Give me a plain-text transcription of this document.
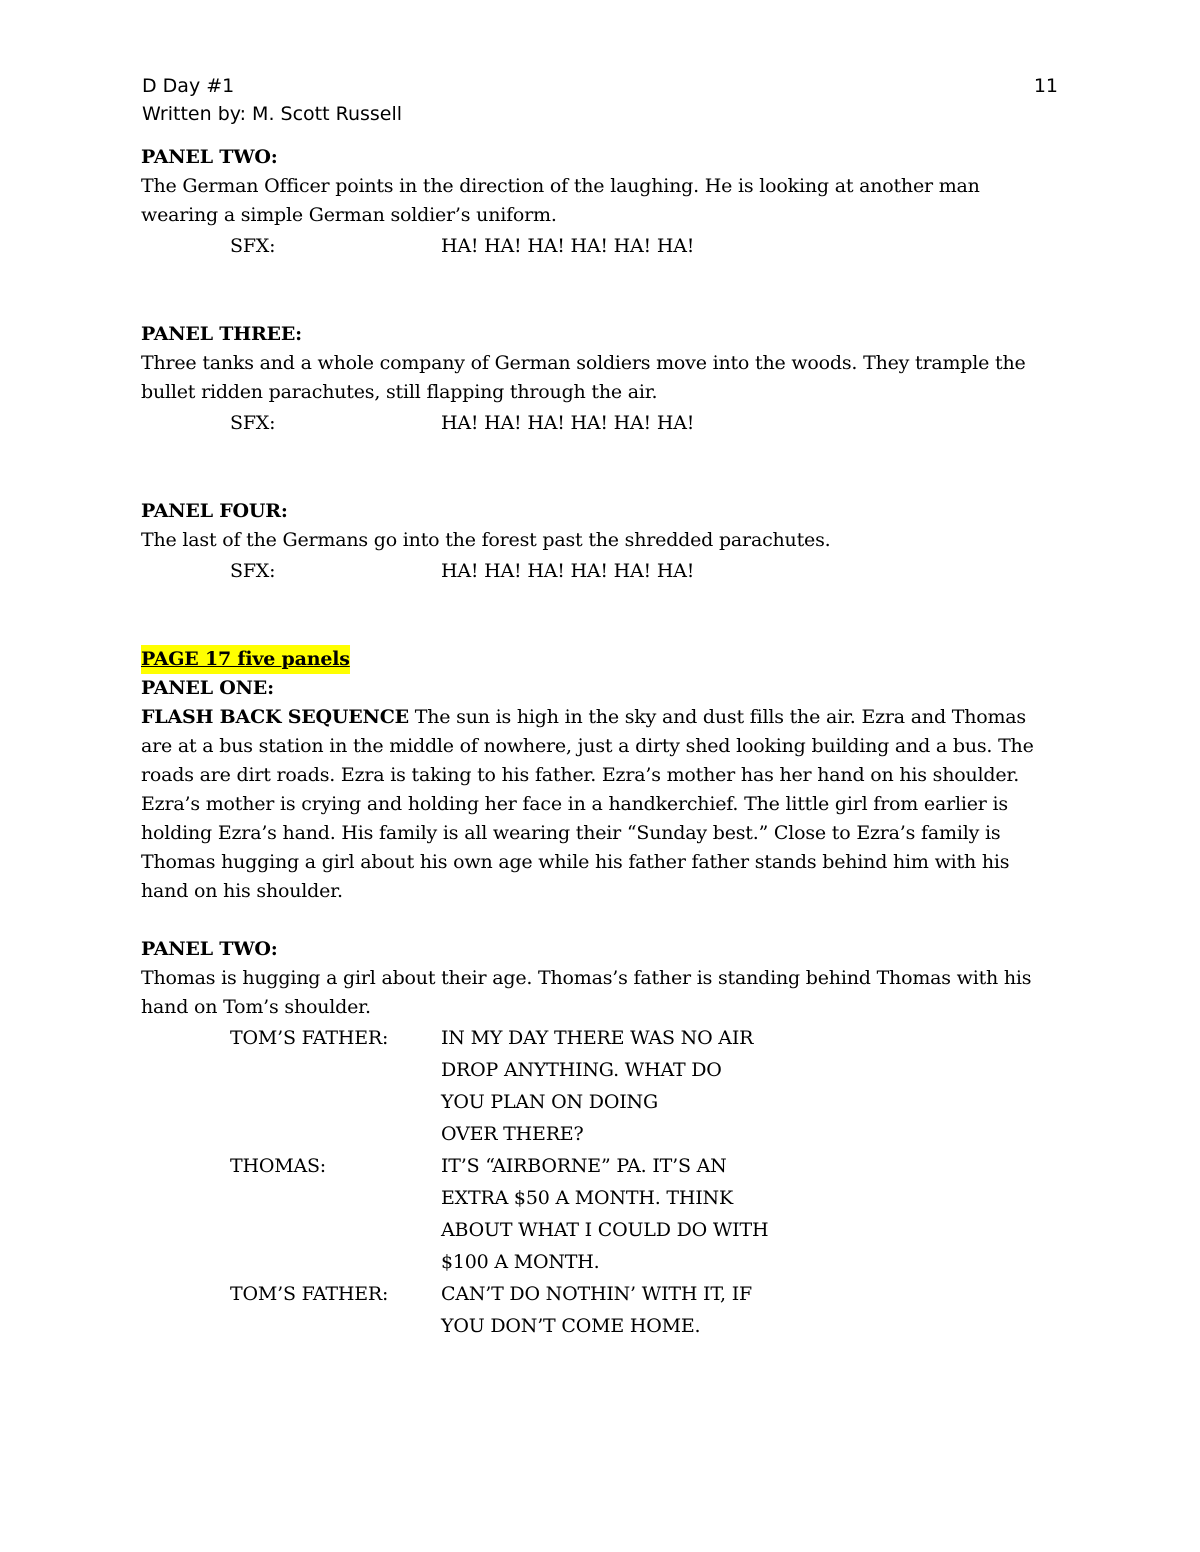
D Day #1
Written by: M. Scott Russell
11
PANEL TWO:

The German Officer points in the direction of the laughing. He is looking at another man wearing a simple German soldier’s uniform.

SFX:	HA! HA! HA! HA! HA! HA!
PANEL THREE:

Three tanks and a whole company of German soldiers move into the woods. They trample the bullet ridden parachutes, still flapping through the air.

SFX:	HA! HA! HA! HA! HA! HA!
PANEL FOUR:

The last of the Germans go into the forest past the shredded parachutes.

SFX:	HA! HA! HA! HA! HA! HA!
PAGE 17 five panels
PANEL ONE:

FLASH BACK SEQUENCE The sun is high in the sky and dust fills the air. Ezra and Thomas are at a bus station in the middle of nowhere, just a dirty shed looking building and a bus. The roads are dirt roads. Ezra is taking to his father. Ezra’s mother has her hand on his shoulder. Ezra’s mother is crying and holding her face in a handkerchief. The little girl from earlier is holding Ezra’s hand. His family is all wearing their “Sunday best.” Close to Ezra’s family is Thomas hugging a girl about his own age while his father father stands behind him with his hand on his shoulder.

PANEL TWO:

Thomas is hugging a girl about their age. Thomas’s father is standing behind Thomas with his hand on Tom’s shoulder.

TOM’S FATHER:	IN MY DAY THERE WAS NO AIR
DROP ANYTHING. WHAT DO
YOU PLAN ON DOING
OVER THERE?
THOMAS:	IT’S “AIRBORNE” PA. IT’S AN
EXTRA $50 A MONTH. THINK
ABOUT WHAT I COULD DO WITH
$100 A MONTH.
TOM’S FATHER:	CAN’T DO NOTHIN’ WITH IT, IF
YOU DON’T COME HOME.
